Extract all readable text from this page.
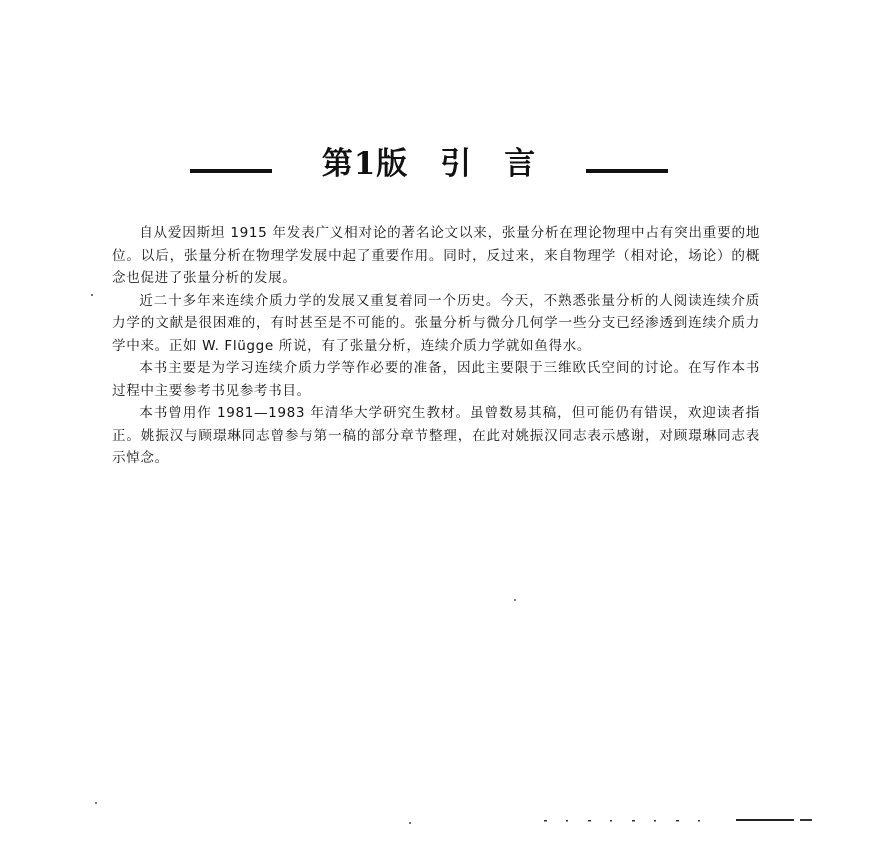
第1版　引　言

自从爱因斯坦 1915 年发表广义相对论的著名论文以来，张量分析在理论物理中占有突出重要的地位。以后，张量分析在物理学发展中起了重要作用。同时，反过来，来自物理学（相对论，场论）的概念也促进了张量分析的发展。

近二十多年来连续介质力学的发展又重复着同一个历史。今天，不熟悉张量分析的人阅读连续介质力学的文献是很困难的，有时甚至是不可能的。张量分析与微分几何学一些分支已经渗透到连续介质力学中来。正如 W. Flügge 所说，有了张量分析，连续介质力学就如鱼得水。

本书主要是为学习连续介质力学等作必要的准备，因此主要限于三维欧氏空间的讨论。在写作本书过程中主要参考书见参考书目。

本书曾用作 1981—1983 年清华大学研究生教材。虽曾数易其稿，但可能仍有错误，欢迎读者指正。姚振汉与顾璟琳同志曾参与第一稿的部分章节整理，在此对姚振汉同志表示感谢，对顾璟琳同志表示悼念。
